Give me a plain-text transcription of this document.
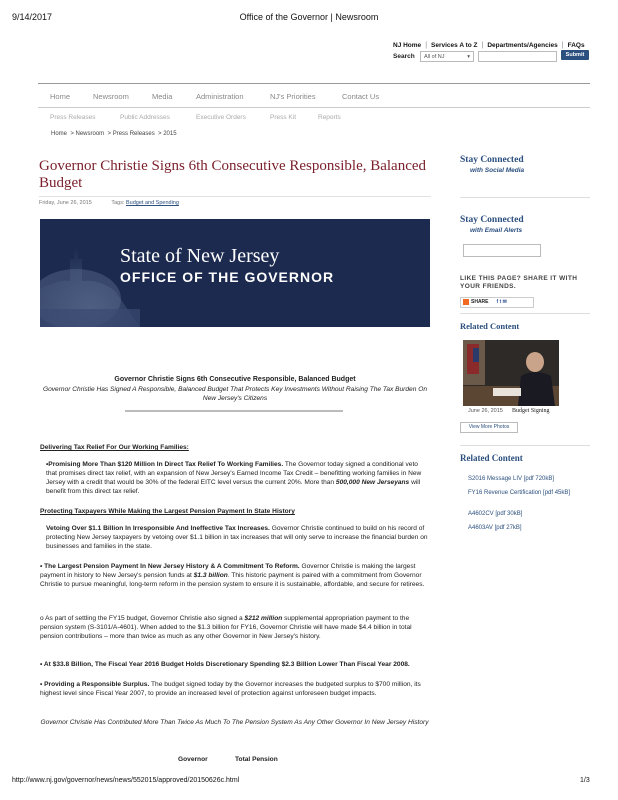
9/14/2017	Office of the Governor | Newsroom
NJ Home | Services A to Z | Departments/Agencies | FAQs
Search	All of NJ	▾	Submit
Home	Newsroom	Media	Administration	NJ's Priorities	Contact Us
Press Releases	Public Addresses	Executive Orders	Press Kit	Reports
Home  > Newsroom  > Press Releases  > 2015
Governor Christie Signs 6th Consecutive Responsible, Balanced Budget
Friday, June 26, 2015	Tags: Budget and Spending
State of New Jersey
OFFICE OF THE GOVERNOR
Governor Christie Signs 6th Consecutive Responsible, Balanced Budget
Governor Christie Has Signed A Responsible, Balanced Budget That Protects Key Investments Without Raising The Tax Burden On New Jersey's Citizens
Delivering Tax Relief For Our Working Families:
•Promising More Than $120 Million In Direct Tax Relief To Working Families. The Governor today signed a conditional veto that promises direct tax relief, with an expansion of New Jersey's Earned Income Tax Credit – benefitting working families in New Jersey with a credit that would be 30% of the federal EITC level versus the current 20%. More than 500,000 New Jerseyans will benefit from this direct tax relief.
Protecting Taxpayers While Making the Largest Pension Payment In State History
Vetoing Over $1.1 Billion In Irresponsible And Ineffective Tax Increases. Governor Christie continued to build on his record of protecting New Jersey taxpayers by vetoing over $1.1 billion in tax increases that will only serve to increase the financial burden on businesses and families in the state.
• The Largest Pension Payment In New Jersey History & A Commitment To Reform. Governor Christie is making the largest payment in history to New Jersey's pension funds at $1.3 billion. This historic payment is paired with a commitment from Governor Christie to pursue meaningful, long-term reform in the pension system to ensure it is sustainable, affordable, and secure for retirees.
o As part of settling the FY15 budget, Governor Christie also signed a $212 million supplemental appropriation payment to the pension system (S-3101/A-4601). When added to the $1.3 billion for FY16, Governor Christie will have made $4.4 billion in total pension contributions – more than twice as much as any other Governor in New Jersey's history.
• At $33.8 Billion, The Fiscal Year 2016 Budget Holds Discretionary Spending $2.3 Billion Lower Than Fiscal Year 2008.
• Providing a Responsible Surplus. The budget signed today by the Governor increases the budgeted surplus to $700 million, its highest level since Fiscal Year 2007, to provide an increased level of protection against unforeseen budget impacts.
Governor Christie Has Contributed More Than Twice As Much To The Pension System As Any Other Governor In New Jersey History
Governor	Total Pension
Stay Connected
with Social Media
Stay Connected
with Email Alerts
LIKE THIS PAGE? SHARE IT WITH YOUR FRIENDS.
SHARE f t ✉
Related Content
June 26, 2015 Budget Signing
View More Photos
Related Content
S2016 Message LIV [pdf 720kB]
FY16 Revenue Certification [pdf 45kB]
A4602CV [pdf 30kB]
A4603AV [pdf 27kB]
http://www.nj.gov/governor/news/news/552015/approved/20150626c.html	1/3
